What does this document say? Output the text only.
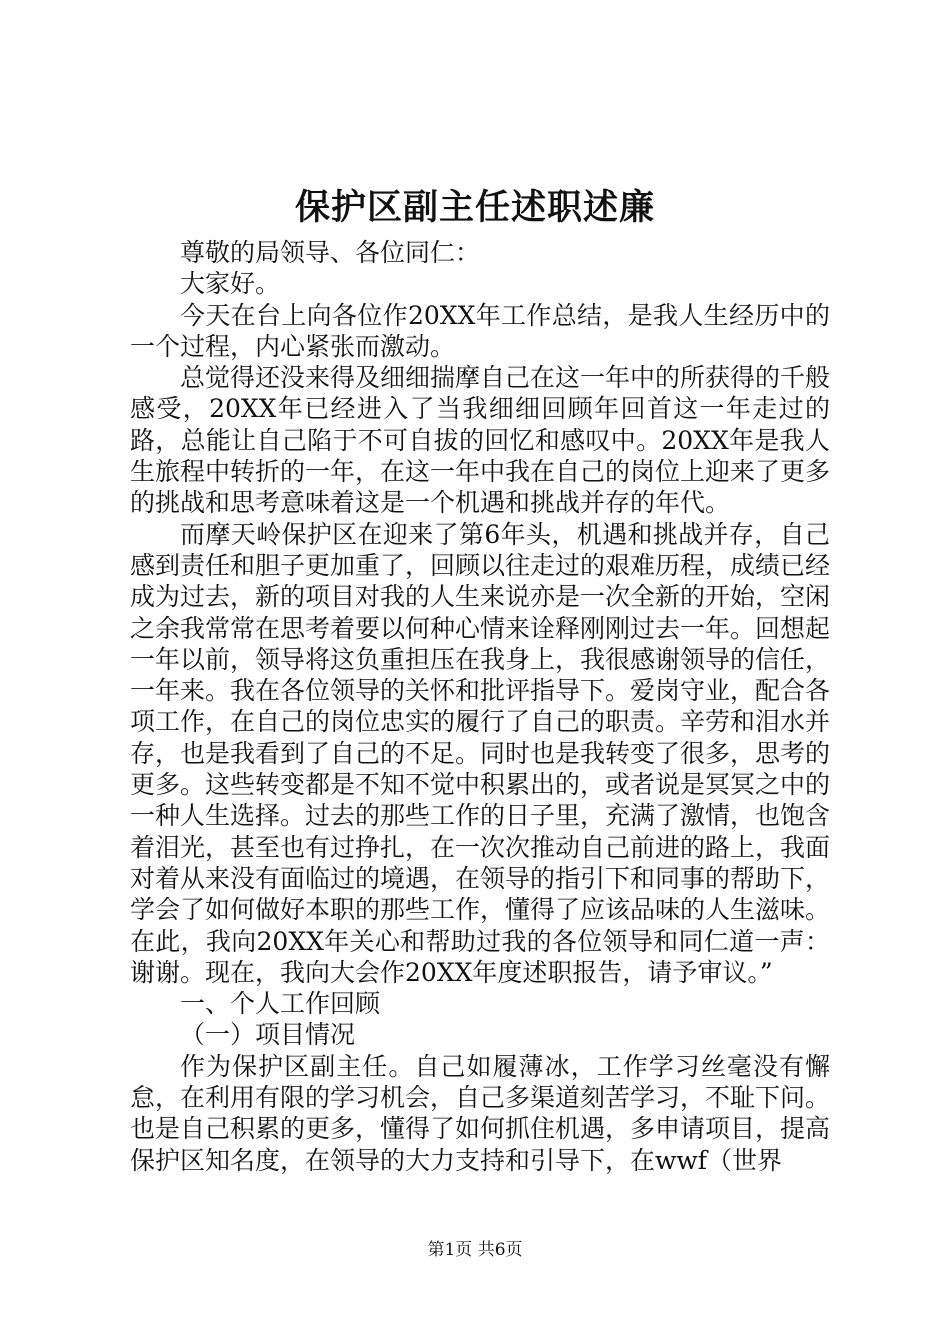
保护区副主任述职述廉

尊敬的局领导、各位同仁：

大家好。

今天在台上向各位作20XX年工作总结，是我人生经历中的一个过程，内心紧张而激动。

总觉得还没来得及细细揣摩自己在这一年中的所获得的千般感受，20XX年已经进入了当我细细回顾年回首这一年走过的路，总能让自己陷于不可自拔的回忆和感叹中。20XX年是我人生旅程中转折的一年，在这一年中我在自己的岗位上迎来了更多的挑战和思考意味着这是一个机遇和挑战并存的年代。

而摩天岭保护区在迎来了第6年头，机遇和挑战并存，自己感到责任和胆子更加重了，回顾以往走过的艰难历程，成绩已经成为过去，新的项目对我的人生来说亦是一次全新的开始，空闲之余我常常在思考着要以何种心情来诠释刚刚过去一年。回想起一年以前，领导将这负重担压在我身上，我很感谢领导的信任，一年来。我在各位领导的关怀和批评指导下。爱岗守业，配合各项工作，在自己的岗位忠实的履行了自己的职责。辛劳和泪水并存，也是我看到了自己的不足。同时也是我转变了很多，思考的更多。这些转变都是不知不觉中积累出的，或者说是冥冥之中的一种人生选择。过去的那些工作的日子里，充满了激情，也饱含着泪光，甚至也有过挣扎，在一次次推动自己前进的路上，我面对着从来没有面临过的境遇，在领导的指引下和同事的帮助下，学会了如何做好本职的那些工作，懂得了应该品味的人生滋味。在此，我向20XX年关心和帮助过我的各位领导和同仁道一声：谢谢。现在，我向大会作20XX年度述职报告，请予审议。”

一、个人工作回顾

（一）项目情况

作为保护区副主任。自己如履薄冰，工作学习丝毫没有懈怠，在利用有限的学习机会，自己多渠道刻苦学习，不耻下问。也是自己积累的更多，懂得了如何抓住机遇，多申请项目，提高保护区知名度，在领导的大力支持和引导下，在wwf（世界

第1页 共6页
